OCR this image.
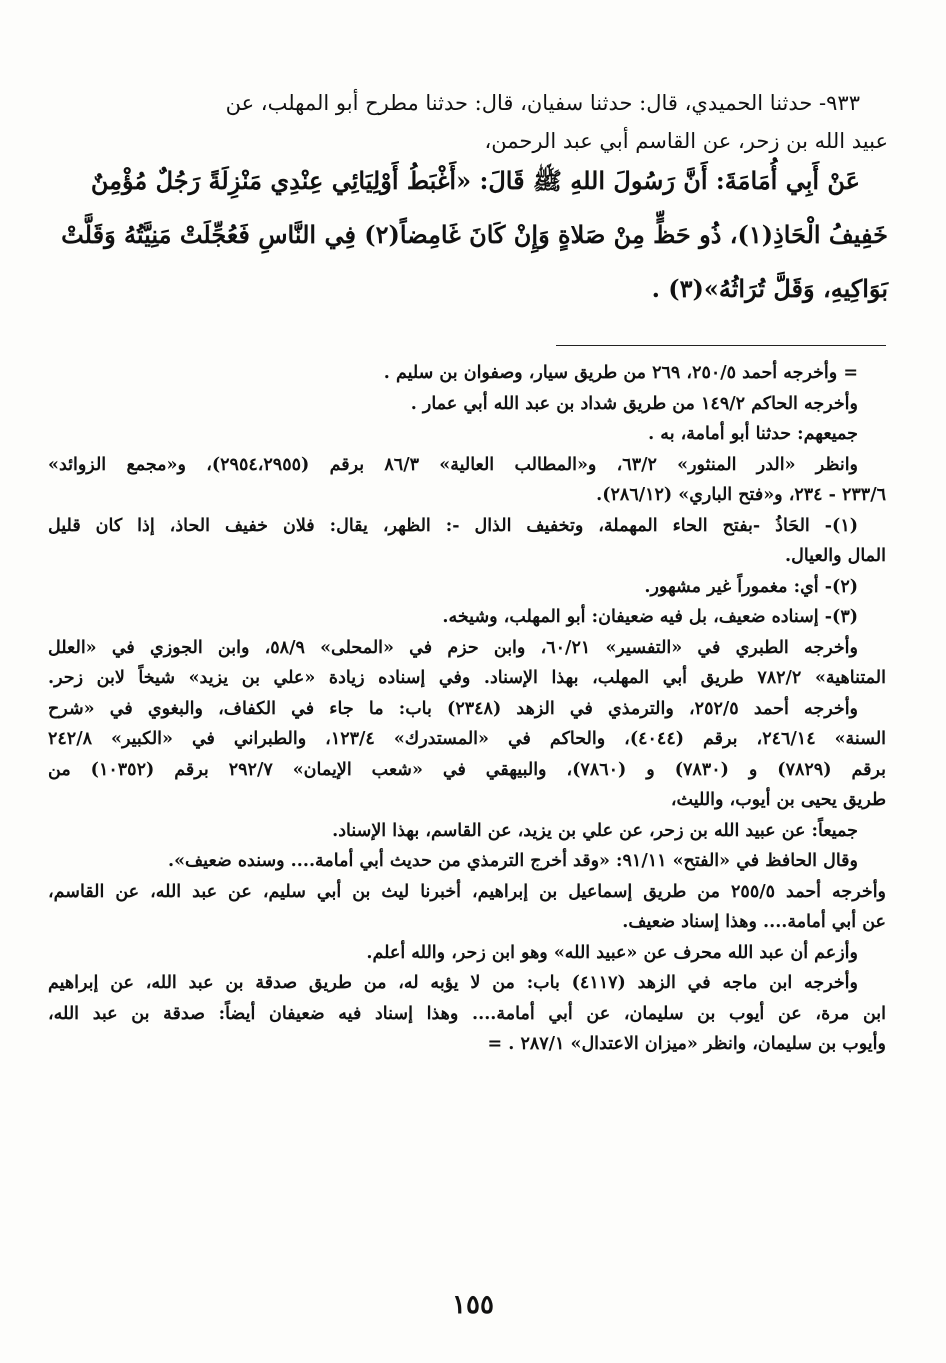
٩٣٣- حدثنا الحميدي، قال: حدثنا سفيان، قال: حدثنا مطرح أبو المهلب، عن

عبيد الله بن زحر، عن القاسم أبي عبد الرحمن،

عَنْ أَبِي أُمَامَةَ: أَنَّ رَسُولَ اللهِ ﷺ قَالَ: «أَغْبَطُ أَوْلِيَائِي عِنْدِي مَنْزِلَةً رَجُلٌ مُؤْمِنٌ

خَفِيفُ الْحَاذِ(١)، ذُو حَظٍّ مِنْ صَلاةٍ وَإِنْ كَانَ غَامِضاً(٢) فِي النَّاسِ فَعُجِّلَتْ مَنِيَّتُهُ وَقَلَّتْ

بَوَاكِيهِ، وَقَلَّ تُرَاثُهُ»(٣) .

= وأخرجه أحمد ٢٥٠/٥، ٢٦٩ من طريق سيار، وصفوان بن سليم .

وأخرجه الحاكم ١٤٩/٢ من طريق شداد بن عبد الله أبي عمار .

جميعهم: حدثنا أبو أمامة، به .

وانظر «الدر المنثور» ٦٣/٢، و«المطالب العالية» ٨٦/٣ برقم (٢٩٥٤،٢٩٥٥)، و«مجمع الزوائد»

٢٣٣/٦ - ٢٣٤، و«فتح الباري» (٢٨٦/١٢).

(١)- الحَاذُ -بفتح الحاء المهملة، وتخفيف الذال -: الظهر، يقال: فلان خفيف الحاذ، إذا كان قليل

المال والعيال.

(٢)- أي: مغموراً غير مشهور.

(٣)- إسناده ضعيف، بل فيه ضعيفان: أبو المهلب، وشيخه.

وأخرجه الطبري في «التفسير» ٦٠/٢١، وابن حزم في «المحلى» ٥٨/٩، وابن الجوزي في «العلل

المتناهية» ٧٨٢/٢ طريق أبي المهلب، بهذا الإسناد. وفي إسناده زيادة «علي بن يزيد» شيخاً لابن زحر.

وأخرجه أحمد ٢٥٢/٥، والترمذي في الزهد (٢٣٤٨) باب: ما جاء في الكفاف، والبغوي في «شرح

السنة» ٢٤٦/١٤، برقم (٤٠٤٤)، والحاكم في «المستدرك» ١٢٣/٤، والطبراني في «الكبير» ٢٤٢/٨

برقم (٧٨٢٩) و (٧٨٣٠) و (٧٨٦٠)، والبيهقي في «شعب الإيمان» ٢٩٢/٧ برقم (١٠٣٥٢) من

طريق يحيى بن أيوب، والليث،

جميعاً: عن عبيد الله بن زحر، عن علي بن يزيد، عن القاسم، بهذا الإسناد.

وقال الحافظ في «الفتح» ٩١/١١: «وقد أخرج الترمذي من حديث أبي أمامة.... وسنده ضعيف».

وأخرجه أحمد ٢٥٥/٥ من طريق إسماعيل بن إبراهيم، أخبرنا ليث بن أبي سليم، عن عبد الله، عن القاسم،

عن أبي أمامة.... وهذا إسناد ضعيف.

وأزعم أن عبد الله محرف عن «عبيد الله» وهو ابن زحر، والله أعلم.

وأخرجه ابن ماجه في الزهد (٤١١٧) باب: من لا يؤبه له، من طريق صدقة بن عبد الله، عن إبراهيم

ابن مرة، عن أيوب بن سليمان، عن أبي أمامة.... وهذا إسناد فيه ضعيفان أيضاً: صدقة بن عبد الله،

وأيوب بن سليمان، وانظر «ميزان الاعتدال» ٢٨٧/١ . =

١٥٥
